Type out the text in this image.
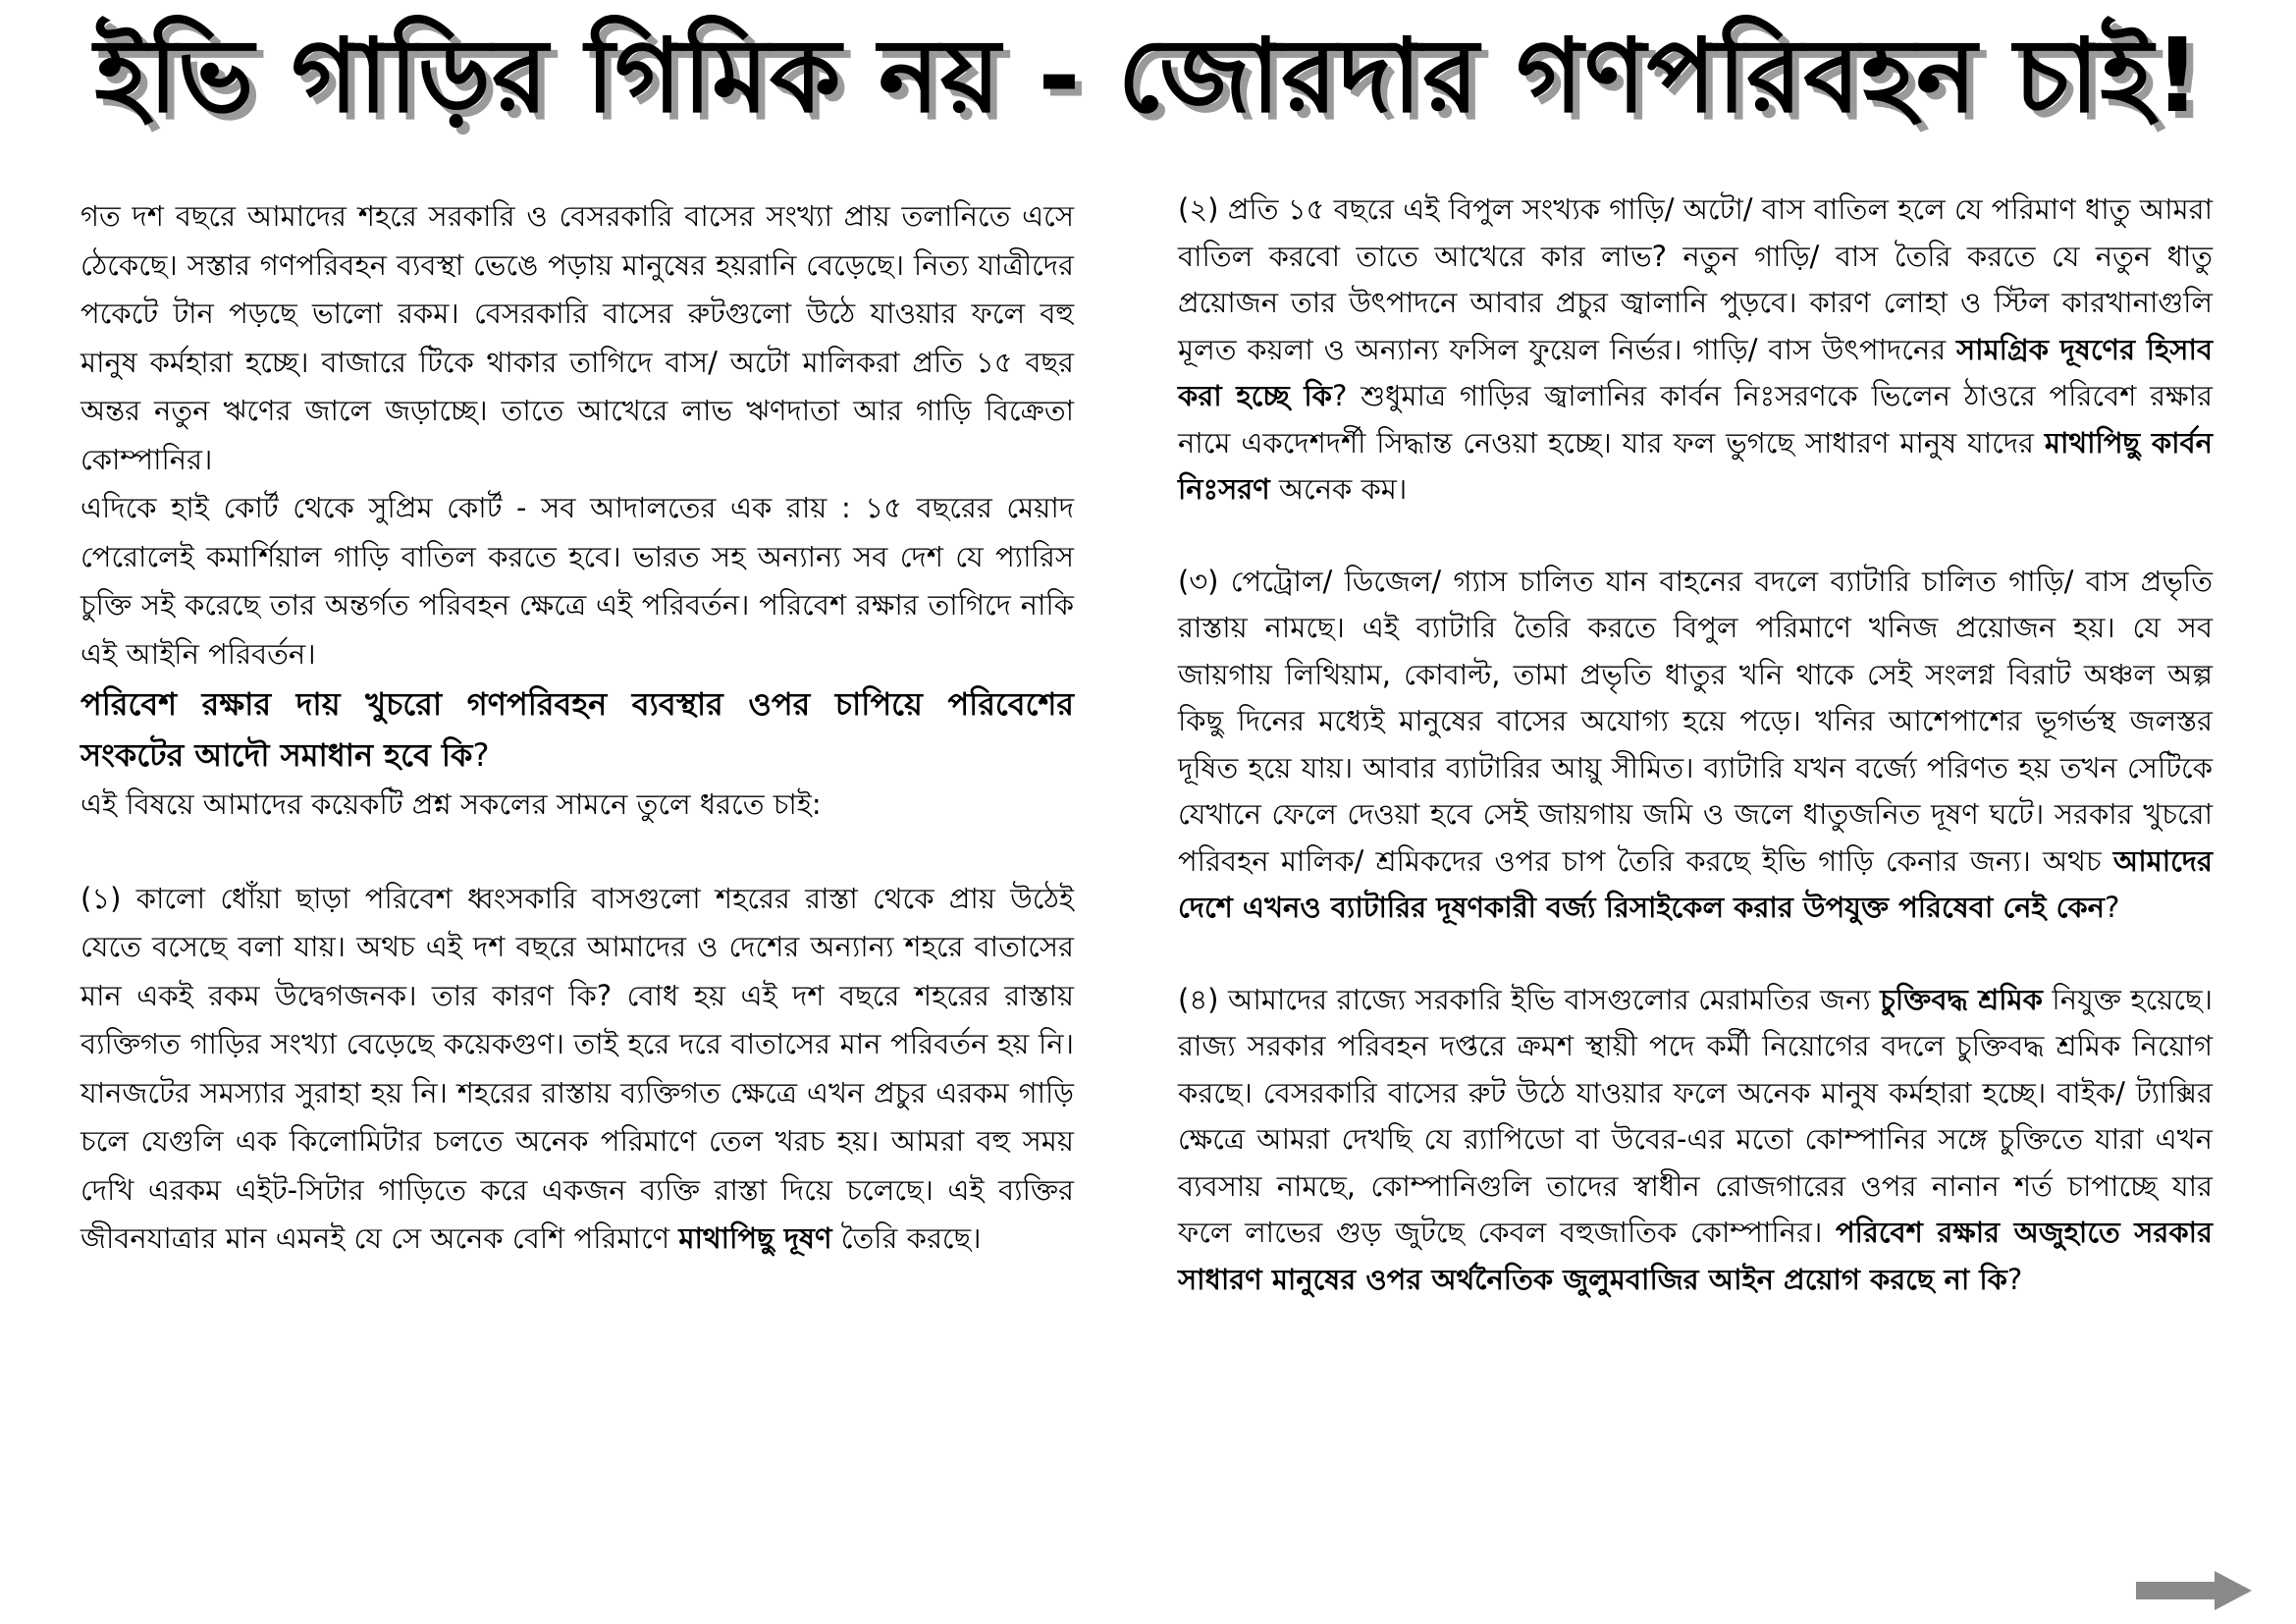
ইভি গাড়ির গিমিক নয় - জোরদার গণপরিবহন চাই!

গত দশ বছরে আমাদের শহরে সরকারি ও বেসরকারি বাসের সংখ্যা প্রায় তলানিতে এসে ঠেকেছে। সস্তার গণপরিবহন ব্যবস্থা ভেঙে পড়ায় মানুষের হয়রানি বেড়েছে। নিত্য যাত্রীদের পকেটে টান পড়ছে ভালো রকম। বেসরকারি বাসের রুটগুলো উঠে যাওয়ার ফলে বহু মানুষ কর্মহারা হচ্ছে। বাজারে টিকে থাকার তাগিদে বাস/ অটো মালিকরা প্রতি ১৫ বছর অন্তর নতুন ঋণের জালে জড়াচ্ছে। তাতে আখেরে লাভ ঋণদাতা আর গাড়ি বিক্রেতা কোম্পানির।

এদিকে হাই কোর্ট থেকে সুপ্রিম কোর্ট - সব আদালতের এক রায় : ১৫ বছরের মেয়াদ পেরোলেই কমার্শিয়াল গাড়ি বাতিল করতে হবে। ভারত সহ অন্যান্য সব দেশ যে প্যারিস চুক্তি সই করেছে তার অন্তর্গত পরিবহন ক্ষেত্রে এই পরিবর্তন। পরিবেশ রক্ষার তাগিদে নাকি এই আইনি পরিবর্তন।

পরিবেশ রক্ষার দায় খুচরো গণপরিবহন ব্যবস্থার ওপর চাপিয়ে পরিবেশের সংকটের আদৌ সমাধান হবে কি?

এই বিষয়ে আমাদের কয়েকটি প্রশ্ন সকলের সামনে তুলে ধরতে চাই:

(১) কালো ধোঁয়া ছাড়া পরিবেশ ধ্বংসকারি বাসগুলো শহরের রাস্তা থেকে প্রায় উঠেই যেতে বসেছে বলা যায়। অথচ এই দশ বছরে আমাদের ও দেশের অন্যান্য শহরে বাতাসের মান একই রকম উদ্বেগজনক। তার কারণ কি? বোধ হয় এই দশ বছরে শহরের রাস্তায় ব্যক্তিগত গাড়ির সংখ্যা বেড়েছে কয়েকগুণ। তাই হরে দরে বাতাসের মান পরিবর্তন হয় নি। যানজটের সমস্যার সুরাহা হয় নি। শহরের রাস্তায় ব্যক্তিগত ক্ষেত্রে এখন প্রচুর এরকম গাড়ি চলে যেগুলি এক কিলোমিটার চলতে অনেক পরিমাণে তেল খরচ হয়। আমরা বহু সময় দেখি এরকম এইট-সিটার গাড়িতে করে একজন ব্যক্তি রাস্তা দিয়ে চলেছে। এই ব্যক্তির জীবনযাত্রার মান এমনই যে সে অনেক বেশি পরিমাণে মাথাপিছু দূষণ তৈরি করছে।

(২) প্রতি ১৫ বছরে এই বিপুল সংখ্যক গাড়ি/ অটো/ বাস বাতিল হলে যে পরিমাণ ধাতু আমরা বাতিল করবো তাতে আখেরে কার লাভ? নতুন গাড়ি/ বাস তৈরি করতে যে নতুন ধাতু প্রয়োজন তার উৎপাদনে আবার প্রচুর জ্বালানি পুড়বে। কারণ লোহা ও স্টিল কারখানাগুলি মূলত কয়লা ও অন্যান্য ফসিল ফুয়েল নির্ভর। গাড়ি/ বাস উৎপাদনের সামগ্রিক দূষণের হিসাব করা হচ্ছে কি? শুধুমাত্র গাড়ির জ্বালানির কার্বন নিঃসরণকে ভিলেন ঠাওরে পরিবেশ রক্ষার নামে একদেশদর্শী সিদ্ধান্ত নেওয়া হচ্ছে। যার ফল ভুগছে সাধারণ মানুষ যাদের মাথাপিছু কার্বন নিঃসরণ অনেক কম।

(৩) পেট্রোল/ ডিজেল/ গ্যাস চালিত যান বাহনের বদলে ব্যাটারি চালিত গাড়ি/ বাস প্রভৃতি রাস্তায় নামছে। এই ব্যাটারি তৈরি করতে বিপুল পরিমাণে খনিজ প্রয়োজন হয়। যে সব জায়গায় লিথিয়াম, কোবাল্ট, তামা প্রভৃতি ধাতুর খনি থাকে সেই সংলগ্ন বিরাট অঞ্চল অল্প কিছু দিনের মধ্যেই মানুষের বাসের অযোগ্য হয়ে পড়ে। খনির আশেপাশের ভূগর্ভস্থ জলস্তর দূষিত হয়ে যায়। আবার ব্যাটারির আয়ু সীমিত। ব্যাটারি যখন বর্জ্যে পরিণত হয় তখন সেটিকে যেখানে ফেলে দেওয়া হবে সেই জায়গায় জমি ও জলে ধাতুজনিত দূষণ ঘটে। সরকার খুচরো পরিবহন মালিক/ শ্রমিকদের ওপর চাপ তৈরি করছে ইভি গাড়ি কেনার জন্য। অথচ আমাদের দেশে এখনও ব্যাটারির দূষণকারী বর্জ্য রিসাইকেল করার উপযুক্ত পরিষেবা নেই কেন?

(৪) আমাদের রাজ্যে সরকারি ইভি বাসগুলোর মেরামতির জন্য চুক্তিবদ্ধ শ্রমিক নিযুক্ত হয়েছে। রাজ্য সরকার পরিবহন দপ্তরে ক্রমশ স্থায়ী পদে কর্মী নিয়োগের বদলে চুক্তিবদ্ধ শ্রমিক নিয়োগ করছে। বেসরকারি বাসের রুট উঠে যাওয়ার ফলে অনেক মানুষ কর্মহারা হচ্ছে। বাইক/ ট্যাক্সির ক্ষেত্রে আমরা দেখছি যে র‍্যাপিডো বা উবের-এর মতো কোম্পানির সঙ্গে চুক্তিতে যারা এখন ব্যবসায় নামছে, কোম্পানিগুলি তাদের স্বাধীন রোজগারের ওপর নানান শর্ত চাপাচ্ছে যার ফলে লাভের গুড় জুটছে কেবল বহুজাতিক কোম্পানির। পরিবেশ রক্ষার অজুহাতে সরকার সাধারণ মানুষের ওপর অর্থনৈতিক জুলুমবাজির আইন প্রয়োগ করছে না কি?
